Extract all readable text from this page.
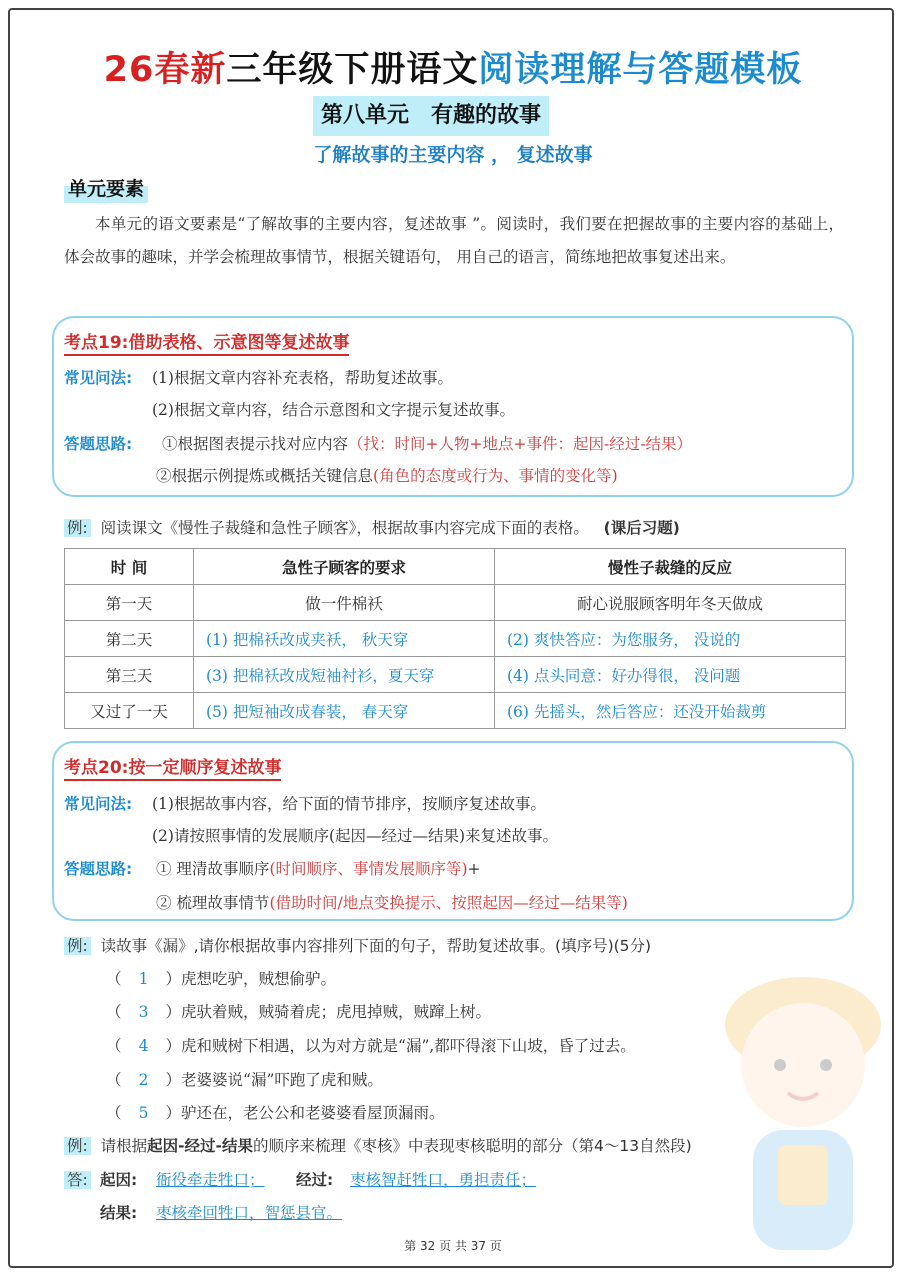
26春新三年级下册语文阅读理解与答题模板
第八单元　有趣的故事
了解故事的主要内容 ， 复述故事
单元要素
本单元的语文要素是“了解故事的主要内容，复述故事 ”。阅读时，我们要在把握故事的主要内容的基础上，体会故事的趣味，并学会梳理故事情节，根据关键语句， 用自己的语言，简练地把故事复述出来。
考点19:借助表格、示意图等复述故事
常见问法: (1)根据文章内容补充表格，帮助复述故事。
(2)根据文章内容，结合示意图和文字提示复述故事。
答题思路: ①根据图表提示找对应内容（找：时间+人物+地点+事件：起因-经过-结果）
②根据示例提炼或概括关键信息(角色的态度或行为、事情的变化等)
例: 阅读课文《慢性子裁缝和急性子顾客》，根据故事内容完成下面的表格。 (课后习题)
时 间	急性子顾客的要求	慢性子裁缝的反应
第一天	做一件棉袄	耐心说服顾客明年冬天做成
第二天	(1) 把棉袄改成夹袄， 秋天穿	(2) 爽快答应：为您服务， 没说的
第三天	(3) 把棉袄改成短袖衬衫，夏天穿	(4) 点头同意：好办得很， 没问题
又过了一天	(5) 把短袖改成春装， 春天穿	(6) 先摇头，然后答应：还没开始裁剪
考点20:按一定顺序复述故事
常见问法: (1)根据故事内容，给下面的情节排序，按顺序复述故事。
(2)请按照事情的发展顺序(起因—经过—结果)来复述故事。
答题思路: ① 理清故事顺序(时间顺序、事情发展顺序等)+
② 梳理故事情节(借助时间/地点变换提示、按照起因—经过—结果等)
例: 读故事《漏》,请你根据故事内容排列下面的句子，帮助复述故事。(填序号)(5分)
（ 1 ）虎想吃驴，贼想偷驴。
（ 3 ）虎驮着贼，贼骑着虎；虎甩掉贼，贼蹿上树。
（ 4 ）虎和贼树下相遇，以为对方就是“漏”,都吓得滚下山坡，昏了过去。
（ 2 ）老婆婆说“漏”吓跑了虎和贼。
（ 5 ）驴还在，老公公和老婆婆看屋顶漏雨。
例: 请根据起因-经过-结果的顺序来梳理《枣核》中表现枣核聪明的部分（第4～13自然段)
答: 起因: 衙役牵走牲口； 经过: 枣核智赶牲口，勇担责任；
结果: 枣核牵回牲口，智惩县官。
第 32 页 共 37 页
